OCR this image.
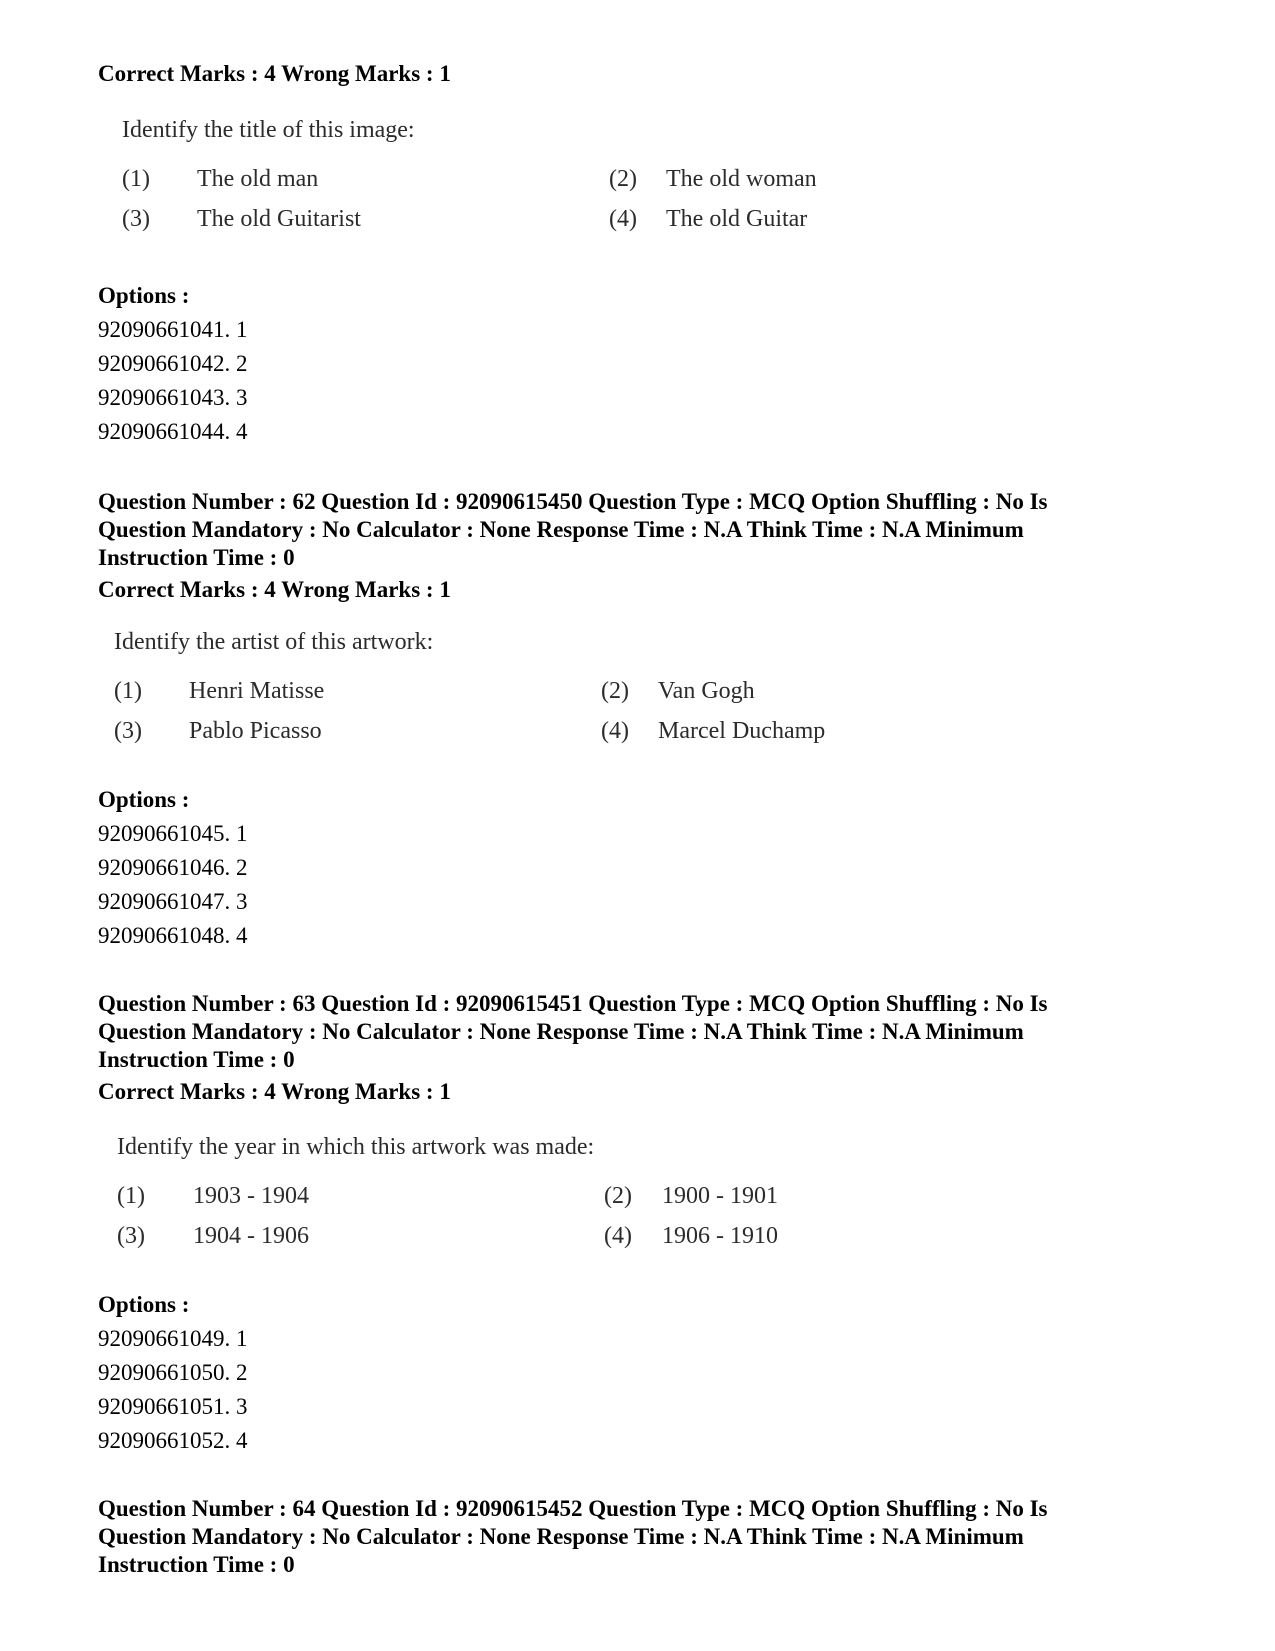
Correct Marks : 4 Wrong Marks : 1
Identify the title of this image:
(1) The old man	(2) The old woman
(3) The old Guitarist	(4) The old Guitar
Options :
92090661041. 1
92090661042. 2
92090661043. 3
92090661044. 4
Question Number : 62 Question Id : 92090615450 Question Type : MCQ Option Shuffling : No Is
Question Mandatory : No Calculator : None Response Time : N.A Think Time : N.A Minimum
Instruction Time : 0
Correct Marks : 4 Wrong Marks : 1
Identify the artist of this artwork:
(1) Henri Matisse	(2) Van Gogh
(3) Pablo Picasso	(4) Marcel Duchamp
Options :
92090661045. 1
92090661046. 2
92090661047. 3
92090661048. 4
Question Number : 63 Question Id : 92090615451 Question Type : MCQ Option Shuffling : No Is
Question Mandatory : No Calculator : None Response Time : N.A Think Time : N.A Minimum
Instruction Time : 0
Correct Marks : 4 Wrong Marks : 1
Identify the year in which this artwork was made:
(1) 1903 - 1904	(2) 1900 - 1901
(3) 1904 - 1906	(4) 1906 - 1910
Options :
92090661049. 1
92090661050. 2
92090661051. 3
92090661052. 4
Question Number : 64 Question Id : 92090615452 Question Type : MCQ Option Shuffling : No Is
Question Mandatory : No Calculator : None Response Time : N.A Think Time : N.A Minimum
Instruction Time : 0
